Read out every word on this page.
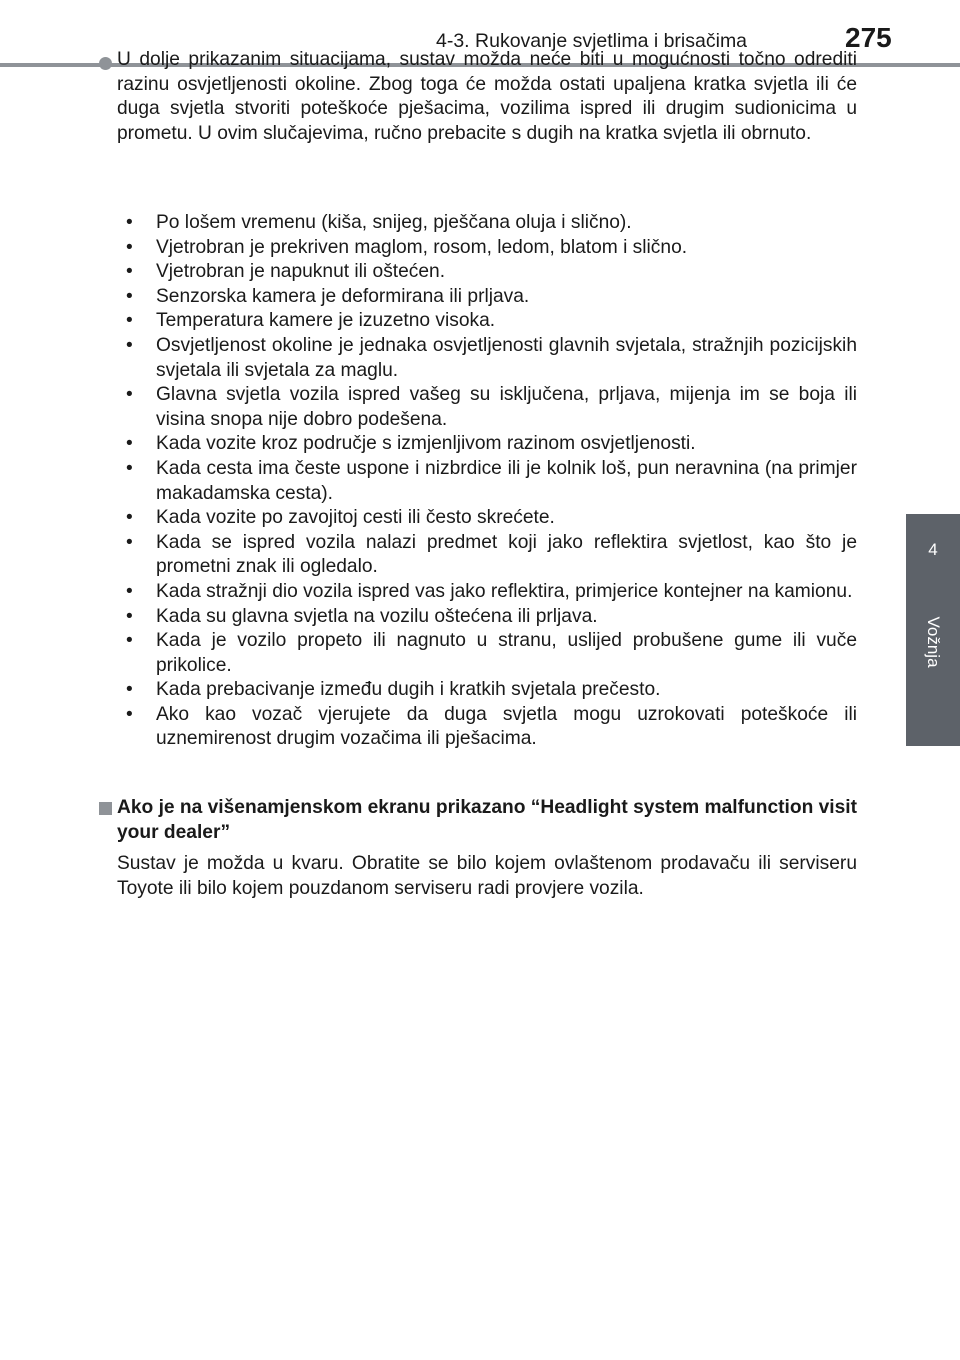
4-3. Rukovanje svjetlima i brisačima	275
4
Vožnja
U dolje prikazanim situacijama, sustav možda neće biti u mogućnosti točno odrediti razinu osvjetljenosti okoline. Zbog toga će možda ostati upaljena kratka svjetla ili će duga svjetla stvoriti poteškoće pješacima, vozilima ispred ili drugim sudionicima u prometu. U ovim slučajevima, ručno prebacite s dugih na kratka svjetla ili obrnuto.
• Po lošem vremenu (kiša, snijeg, pješčana oluja i slično).
• Vjetrobran je prekriven maglom, rosom, ledom, blatom i slično.
• Vjetrobran je napuknut ili oštećen.
• Senzorska kamera je deformirana ili prljava.
• Temperatura kamere je izuzetno visoka.
• Osvjetljenost okoline je jednaka osvjetljenosti glavnih svjetala, stražnjih pozicijskih svjetala ili svjetala za maglu.
• Glavna svjetla vozila ispred vašeg su isključena, prljava, mijenja im se boja ili visina snopa nije dobro podešena.
• Kada vozite kroz područje s izmjenljivom razinom osvjetljenosti.
• Kada cesta ima česte uspone i nizbrdice ili je kolnik loš, pun neravnina (na primjer makadamska cesta).
• Kada vozite po zavojitoj cesti ili često skrećete.
• Kada se ispred vozila nalazi predmet koji jako reflektira svjetlost, kao što je prometni znak ili ogledalo.
• Kada stražnji dio vozila ispred vas jako reflektira, primjerice kontejner na kamionu.
• Kada su glavna svjetla na vozilu oštećena ili prljava.
• Kada je vozilo propeto ili nagnuto u stranu, uslijed probušene gume ili vuče prikolice.
• Kada prebacivanje između dugih i kratkih svjetala prečesto.
• Ako kao vozač vjerujete da duga svjetla mogu uzrokovati poteškoće ili uznemirenost drugim vozačima ili pješacima.
Ako je na višenamjenskom ekranu prikazano “Headlight system malfunction visit your dealer”
Sustav je možda u kvaru. Obratite se bilo kojem ovlaštenom prodavaču ili serviseru Toyote ili bilo kojem pouzdanom serviseru radi provjere vozila.
